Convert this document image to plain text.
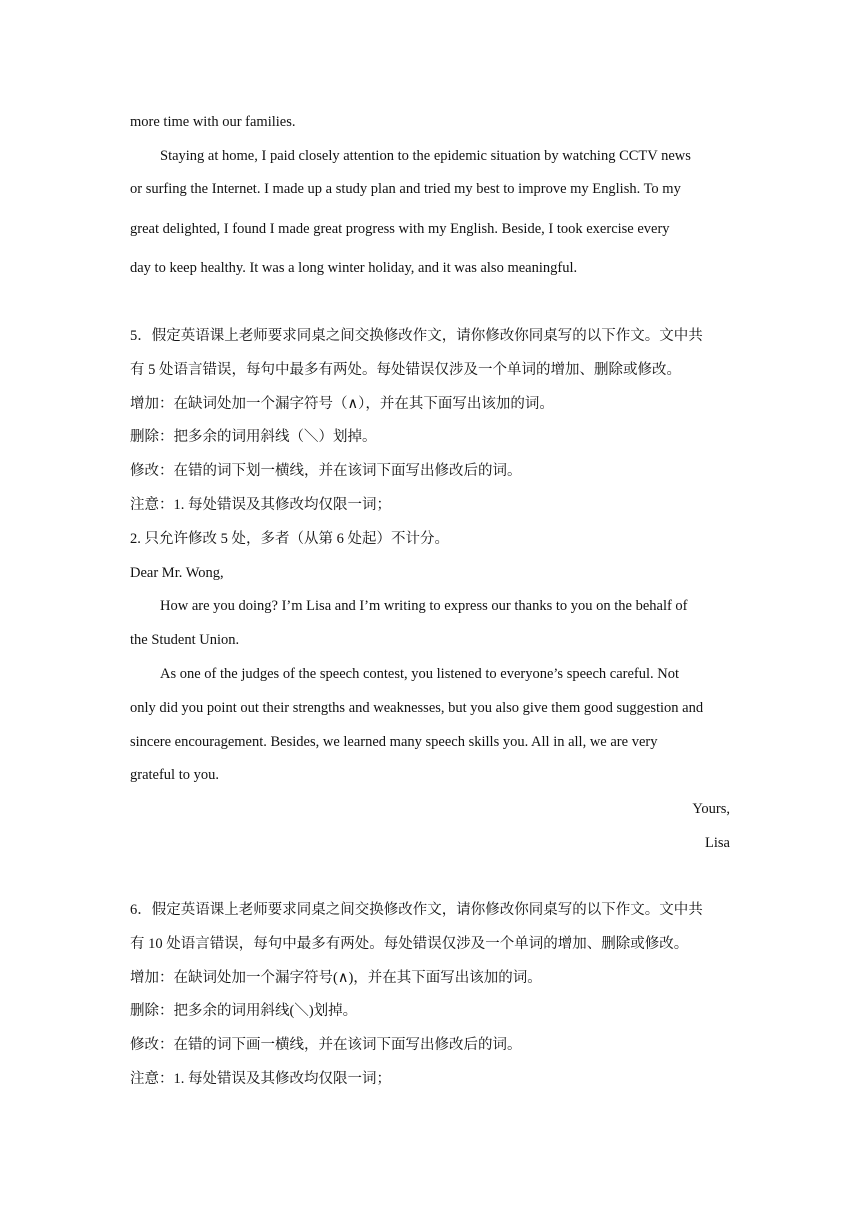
more time with our families.
Staying at home, I paid closely attention to the epidemic situation by watching CCTV news
or surfing the Internet. I made up a study plan and tried my best to improve my English. To my
great delighted, I found I made great progress with my English. Beside, I took exercise every
day to keep healthy. It was a long winter holiday, and it was also meaningful.
5．假定英语课上老师要求同桌之间交换修改作文，请你修改你同桌写的以下作文。文中共
有 5 处语言错误，每句中最多有两处。每处错误仅涉及一个单词的增加、删除或修改。
增加：在缺词处加一个漏字符号（∧），并在其下面写出该加的词。
删除：把多余的词用斜线（＼）划掉。
修改：在错的词下划一横线，并在该词下面写出修改后的词。
注意：1. 每处错误及其修改均仅限一词；
2. 只允许修改 5 处，多者（从第 6 处起）不计分。
Dear Mr. Wong,
How are you doing? I’m Lisa and I’m writing to express our thanks to you on the behalf of
the Student Union.
As one of the judges of the speech contest, you listened to everyone’s speech careful. Not
only did you point out their strengths and weaknesses, but you also give them good suggestion and
sincere encouragement. Besides, we learned many speech skills you. All in all, we are very
grateful to you.
Yours,
Lisa
6．假定英语课上老师要求同桌之间交换修改作文，请你修改你同桌写的以下作文。文中共
有 10 处语言错误，每句中最多有两处。每处错误仅涉及一个单词的增加、删除或修改。
增加：在缺词处加一个漏字符号(∧)，并在其下面写出该加的词。
删除：把多余的词用斜线(＼)划掉。
修改：在错的词下画一横线，并在该词下面写出修改后的词。
注意：1. 每处错误及其修改均仅限一词；
